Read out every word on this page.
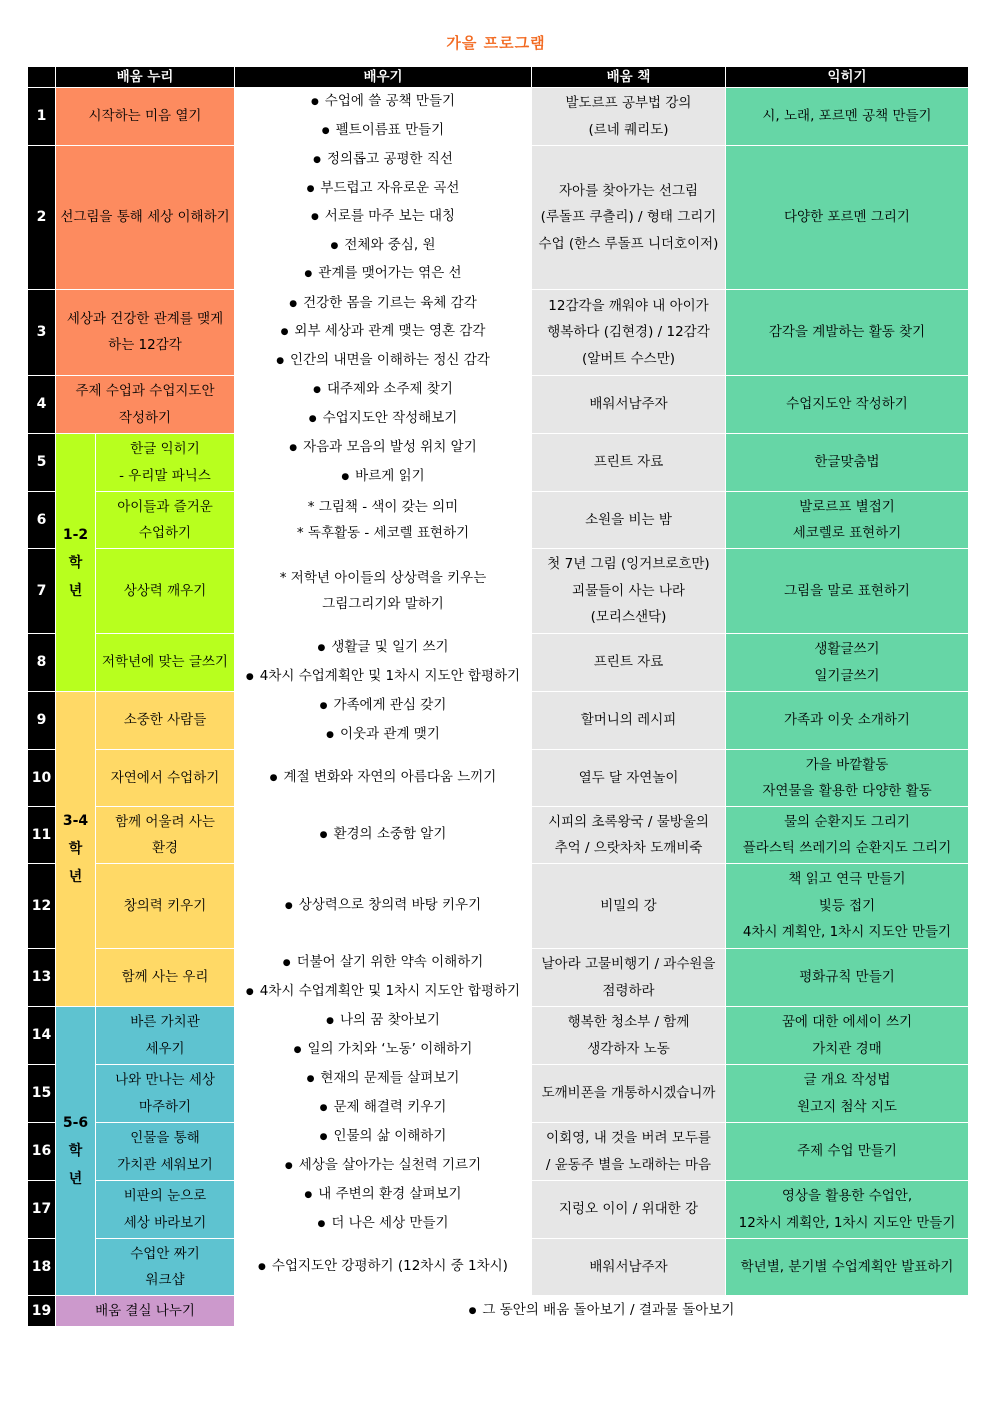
가을 프로그램
	배움 누리		배우기	배움 책	익히기
1	시작하는 미음 열기		● 수업에 쓸 공책 만들기
● 펠트이름표 만들기	발도르프 공부법 강의
(르네 퀘리도)	시, 노래, 포르멘 공책 만들기

2	선그림을 통해 세상 이해하기		● 정의롭고 공평한 직선
● 부드럽고 자유로운 곡선
● 서로를 마주 보는 대칭
● 전체와 중심, 원
● 관계를 맺어가는 엮은 선	자아를 찾아가는 선그림
(루돌프 쿠츨리) / 형태 그리기
수업 (한스 루돌프 니더호이저)	다양한 포르멘 그리기

3	세상과 건강한 관계를 맺게
하는 12감각		● 건강한 몸을 기르는 육체 감각
● 외부 세상과 관계 맺는 영혼 감각
● 인간의 내면을 이해하는 정신 감각	12감각을 깨워야 내 아이가
행복하다 (김현경) / 12감각
(알버트 수스만)	감각을 계발하는 활동 찾기

4	주제 수업과 수업지도안
작성하기		● 대주제와 소주제 찾기
● 수업지도안 작성해보기	배워서남주자	수업지도안 작성하기

5	1-2
학
년	한글 익히기
- 우리말 파닉스	● 자음과 모음의 발성 위치 알기
● 바르게 읽기	프린트 자료	한글맞춤법

6		아이들과 즐거운
수업하기	* 그림책 - 색이 갖는 의미
* 독후활동 - 세코렐 표현하기	소원을 비는 밤	발로르프 별접기
세코렐로 표현하기

7		상상력 깨우기	* 저학년 아이들의 상상력을 키우는
그림그리기와 말하기	첫 7년 그림 (잉거브로흐만)
괴물들이 사는 나라
(모리스샌닥)	그림을 말로 표현하기

8		저학년에 맞는 글쓰기	● 생활글 및 일기 쓰기
● 4차시 수업계획안 및 1차시 지도안 합평하기	프린트 자료	생활글쓰기
일기글쓰기

9	3-4
학
년	소중한 사람들	● 가족에게 관심 갖기
● 이웃과 관계 맺기	할머니의 레시피	가족과 이웃 소개하기

10		자연에서 수업하기	● 계절 변화와 자연의 아름다움 느끼기	열두 달 자연놀이	가을 바깥활동
자연물을 활용한 다양한 활동

11		함께 어울려 사는
환경	● 환경의 소중함 알기	시피의 초록왕국 / 물방울의
추억 / 으랏차차 도깨비죽	물의 순환지도 그리기
플라스틱 쓰레기의 순환지도 그리기

12		창의력 키우기	● 상상력으로 창의력 바탕 키우기	비밀의 강	책 읽고 연극 만들기
빛등 접기
4차시 계획안, 1차시 지도안 만들기

13		함께 사는 우리	● 더불어 살기 위한 약속 이해하기
● 4차시 수업계획안 및 1차시 지도안 합평하기	날아라 고물비행기 / 과수원을
점령하라	평화규칙 만들기

14	5-6
학
년	바른 가치관
세우기	● 나의 꿈 찾아보기
● 일의 가치와 ‘노동’ 이해하기	행복한 청소부 / 함께
생각하자 노동	꿈에 대한 에세이 쓰기
가치관 경매

15		나와 만나는 세상
마주하기	● 현재의 문제들 살펴보기
● 문제 해결력 키우기	도깨비폰을 개통하시겠습니까	글 개요 작성법
원고지 첨삭 지도

16		인물을 통해
가치관 세워보기	● 인물의 삶 이해하기
● 세상을 살아가는 실천력 기르기	이회영, 내 것을 버려 모두를
/ 윤동주 별을 노래하는 마음	주제 수업 만들기

17		비판의 눈으로
세상 바라보기	● 내 주변의 환경 살펴보기
● 더 나은 세상 만들기	지렁오 이이 / 위대한 강	영상을 활용한 수업안,
12차시 계획안, 1차시 지도안 만들기

18		수업안 짜기
워크샵	● 수업지도안 강평하기 (12차시 중 1차시)	배워서남주자	학년별, 분기별 수업계획안 발표하기

19	배움 결실 나누기		● 그 동안의 배움 돌아보기 / 결과물 돌아보기
